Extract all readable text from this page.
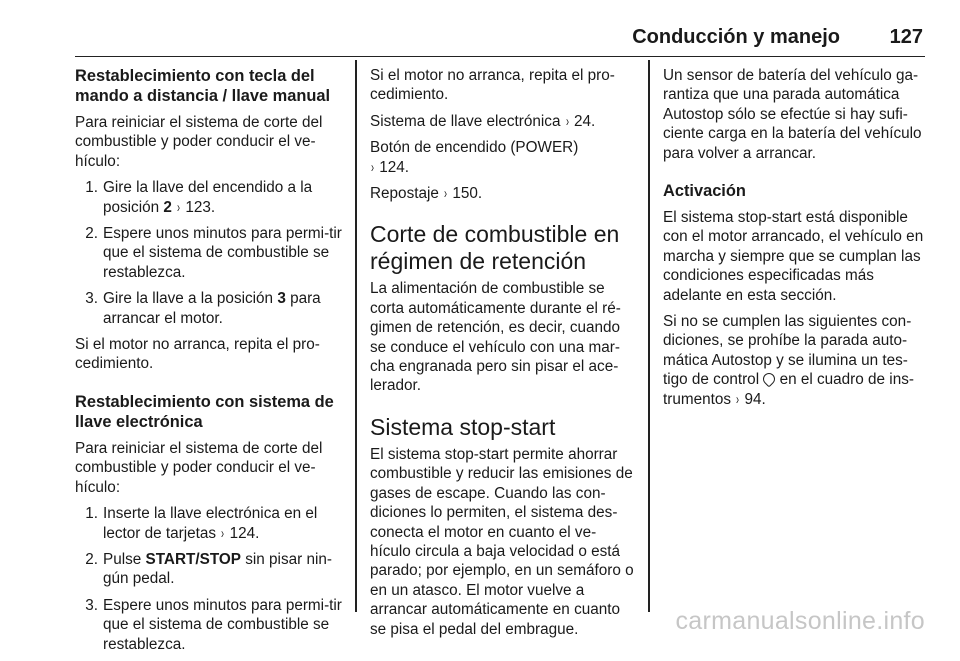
Conducción y manejo 127
Restablecimiento con tecla del mando a distancia / llave manual

Para reiniciar el sistema de corte del combustible y poder conducir el ve-hículo:

1. Gire la llave del encendido a la posición 2 › 123.
2. Espere unos minutos para permi-tir que el sistema de combustible se restablezca.
3. Gire la llave a la posición 3 para arrancar el motor.

Si el motor no arranca, repita el pro-cedimiento.

Restablecimiento con sistema de llave electrónica

Para reiniciar el sistema de corte del combustible y poder conducir el ve-hículo:

1. Inserte la llave electrónica en el lector de tarjetas › 124.
2. Pulse START/STOP sin pisar nin-gún pedal.
3. Espere unos minutos para permi-tir que el sistema de combustible se restablezca.

Si el motor no arranca, repita el pro-cedimiento.

Sistema de llave electrónica › 24.

Botón de encendido (POWER)
› 124.

Repostaje › 150.

Corte de combustible en régimen de retención

La alimentación de combustible se corta automáticamente durante el ré-gimen de retención, es decir, cuando se conduce el vehículo con una mar-cha engranada pero sin pisar el ace-lerador.

Sistema stop-start

El sistema stop-start permite ahorrar combustible y reducir las emisiones de gases de escape. Cuando las con-diciones lo permiten, el sistema des-conecta el motor en cuanto el ve-hículo circula a baja velocidad o está parado; por ejemplo, en un semáforo o en un atasco. El motor vuelve a arrancar automáticamente en cuanto se pisa el pedal del embrague.

Un sensor de batería del vehículo ga-rantiza que una parada automática Autostop sólo se efectúe si hay sufi-ciente carga en la batería del vehículo para volver a arrancar.

Activación

El sistema stop-start está disponible con el motor arrancado, el vehículo en marcha y siempre que se cumplan las condiciones especificadas más adelante en esta sección.

Si no se cumplen las siguientes con-diciones, se prohíbe la parada auto-mática Autostop y se ilumina un tes-tigo de control  en el cuadro de ins-trumentos › 94.

carmanualsonline.info
